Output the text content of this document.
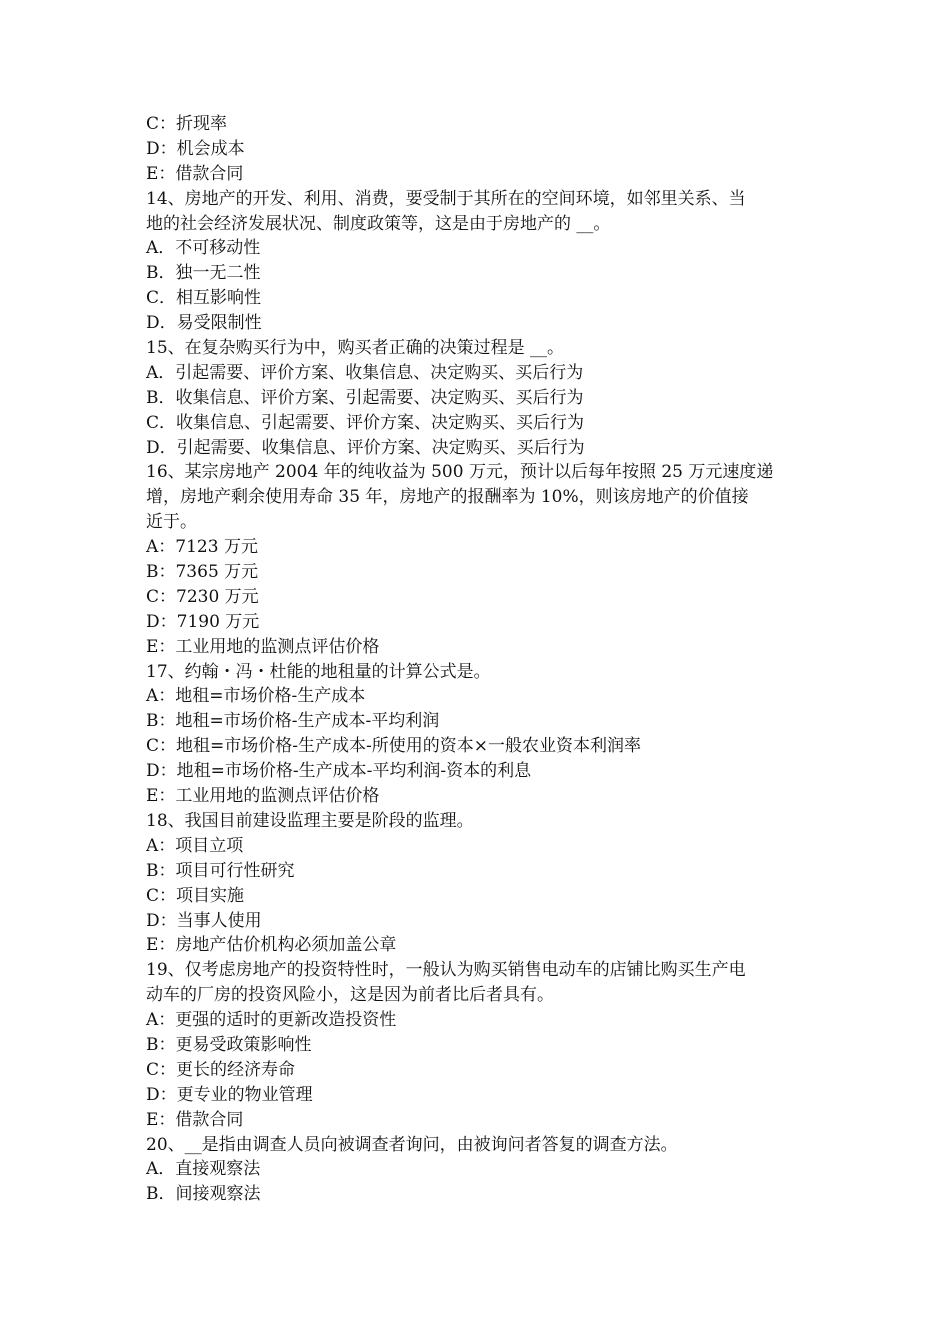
C：折现率
D：机会成本
E：借款合同
14、房地产的开发、利用、消费，要受制于其所在的空间环境，如邻里关系、当
地的社会经济发展状况、制度政策等，这是由于房地产的 __。
A．不可移动性
B．独一无二性
C．相互影响性
D．易受限制性
15、在复杂购买行为中，购买者正确的决策过程是 __。
A．引起需要、评价方案、收集信息、决定购买、买后行为
B．收集信息、评价方案、引起需要、决定购买、买后行为
C．收集信息、引起需要、评价方案、决定购买、买后行为
D．引起需要、收集信息、评价方案、决定购买、买后行为
16、某宗房地产 2004 年的纯收益为 500 万元，预计以后每年按照 25 万元速度递
增，房地产剩余使用寿命 35 年，房地产的报酬率为 10%，则该房地产的价值接
近于。
A：7123 万元
B：7365 万元
C：7230 万元
D：7190 万元
E：工业用地的监测点评估价格
17、约翰・冯・杜能的地租量的计算公式是。
A：地租=市场价格-生产成本
B：地租=市场价格-生产成本-平均利润
C：地租=市场价格-生产成本-所使用的资本×一般农业资本利润率
D：地租=市场价格-生产成本-平均利润-资本的利息
E：工业用地的监测点评估价格
18、我国目前建设监理主要是阶段的监理。
A：项目立项
B：项目可行性研究
C：项目实施
D：当事人使用
E：房地产估价机构必须加盖公章
19、仅考虑房地产的投资特性时，一般认为购买销售电动车的店铺比购买生产电
动车的厂房的投资风险小，这是因为前者比后者具有。
A：更强的适时的更新改造投资性
B：更易受政策影响性
C：更长的经济寿命
D：更专业的物业管理
E：借款合同
20、__是指由调查人员向被调查者询问，由被询问者答复的调查方法。
A．直接观察法
B．间接观察法
